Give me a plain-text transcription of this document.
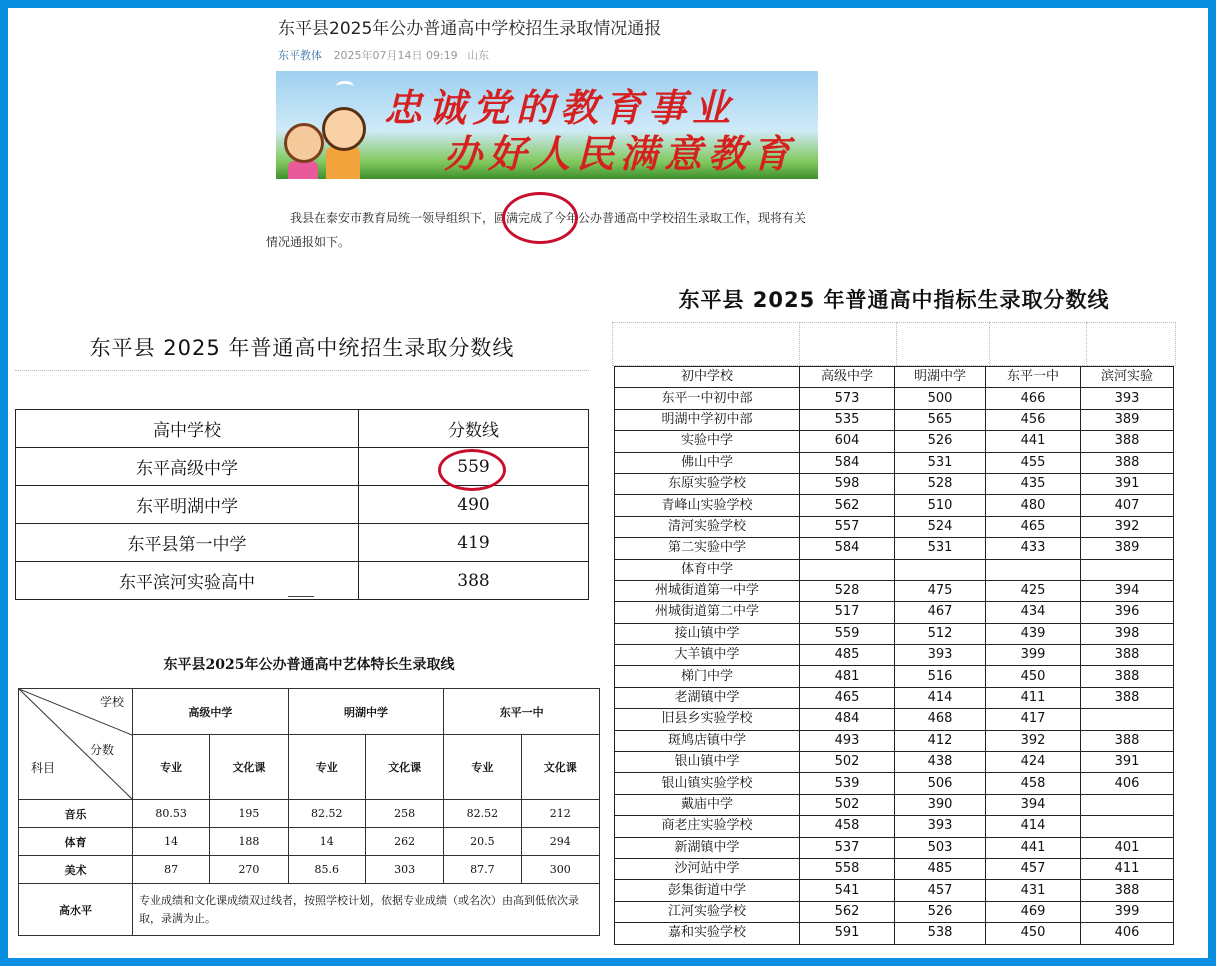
东平县2025年公办普通高中学校招生录取情况通报
东平教体 2025年07月14日 09:19 山东
忠诚党的教育事业
办好人民满意教育
我县在泰安市教育局统一领导组织下，圆满完成了今年公办普通高中学校招生录取工作，现将有关情况通报如下。
东平县 2025 年普通高中统招生录取分数线
高中学校	分数线
东平高级中学	559
东平明湖中学	490
东平县第一中学	419
东平滨河实验高中	388
东平县2025年公办普通高中艺体特长生录取线
学校
分数
科目	高级中学		明湖中学		东平一中	
	专业	文化课	专业	文化课	专业	文化课
音乐	80.53	195	82.52	258	82.52	212
体育	14	188	14	262	20.5	294
美术	87	270	85.6	303	87.7	300
高水平	专业成绩和文化课成绩双过线者，按照学校计划，依据专业成绩（或名次）由高到低依次录取，录满为止。					
东平县 2025 年普通高中指标生录取分数线

初中学校	高级中学	明湖中学	东平一中	滨河实验
东平一中初中部	573	500	466	393
明湖中学初中部	535	565	456	389
实验中学	604	526	441	388
佛山中学	584	531	455	388
东原实验学校	598	528	435	391
青峰山实验学校	562	510	480	407
清河实验学校	557	524	465	392
第二实验中学	584	531	433	389
体育中学				
州城街道第一中学	528	475	425	394
州城街道第二中学	517	467	434	396
接山镇中学	559	512	439	398
大羊镇中学	485	393	399	388
梯门中学	481	516	450	388
老湖镇中学	465	414	411	388
旧县乡实验学校	484	468	417	
斑鸠店镇中学	493	412	392	388
银山镇中学	502	438	424	391
银山镇实验学校	539	506	458	406
戴庙中学	502	390	394	
商老庄实验学校	458	393	414	
新湖镇中学	537	503	441	401
沙河站中学	558	485	457	411
彭集街道中学	541	457	431	388
江河实验学校	562	526	469	399
嘉和实验学校	591	538	450	406
